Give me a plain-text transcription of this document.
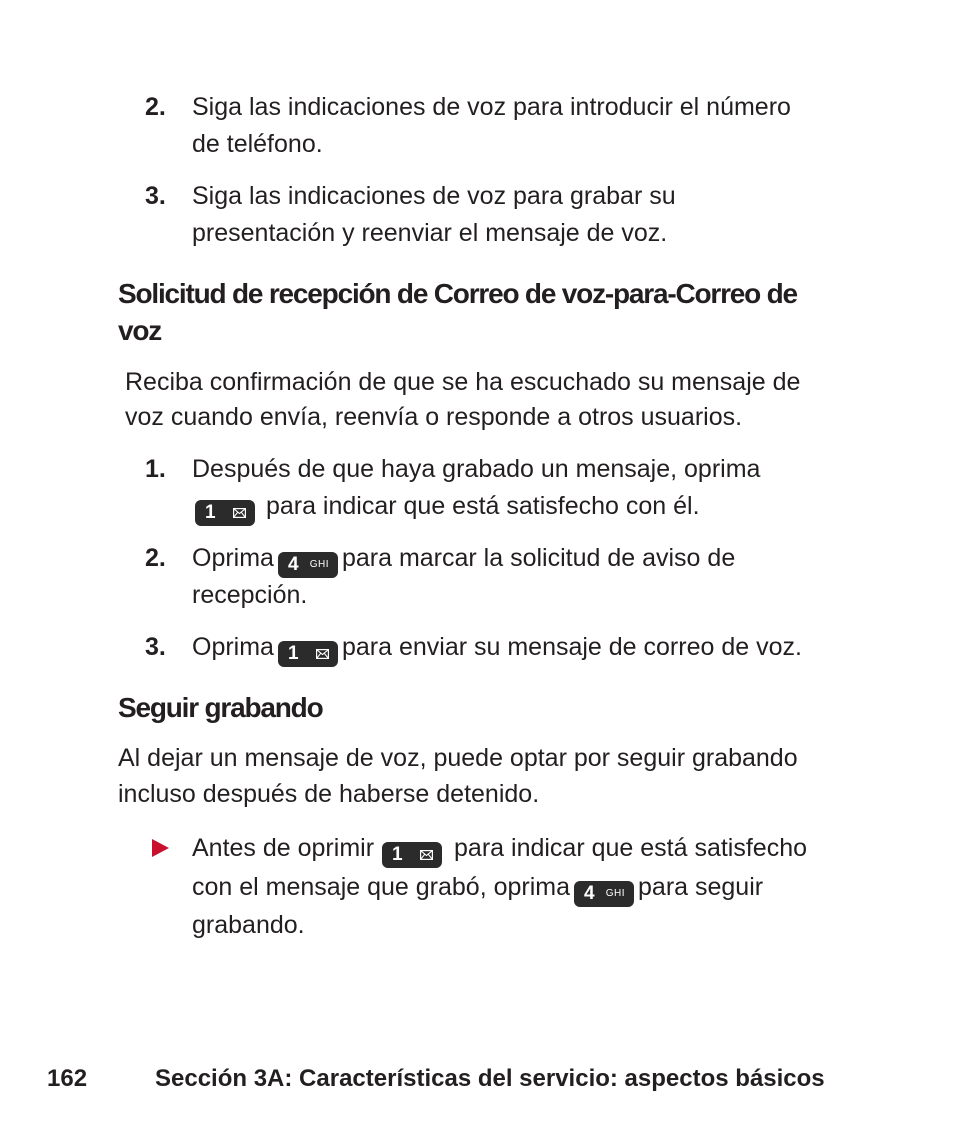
2. Siga las indicaciones de voz para introducir el número
de teléfono.
3. Siga las indicaciones de voz para grabar su
presentación y reenviar el mensaje de voz.
Solicitud de recepción de Correo de voz-para-Correo de
voz
Reciba confirmación de que se ha escuchado su mensaje de
voz cuando envía, reenvía o responde a otros usuarios.
1. Después de que haya grabado un mensaje, oprima
1 para indicar que está satisfecho con él.
2. Oprima 4 GHI para marcar la solicitud de aviso de
recepción.
3. Oprima 1 para enviar su mensaje de correo de voz.
Seguir grabando
Al dejar un mensaje de voz, puede optar por seguir grabando
incluso después de haberse detenido.
Antes de oprimir 1 para indicar que está satisfecho
con el mensaje que grabó, oprima 4 GHI para seguir
grabando.
162	Sección 3A: Características del servicio: aspectos básicos
